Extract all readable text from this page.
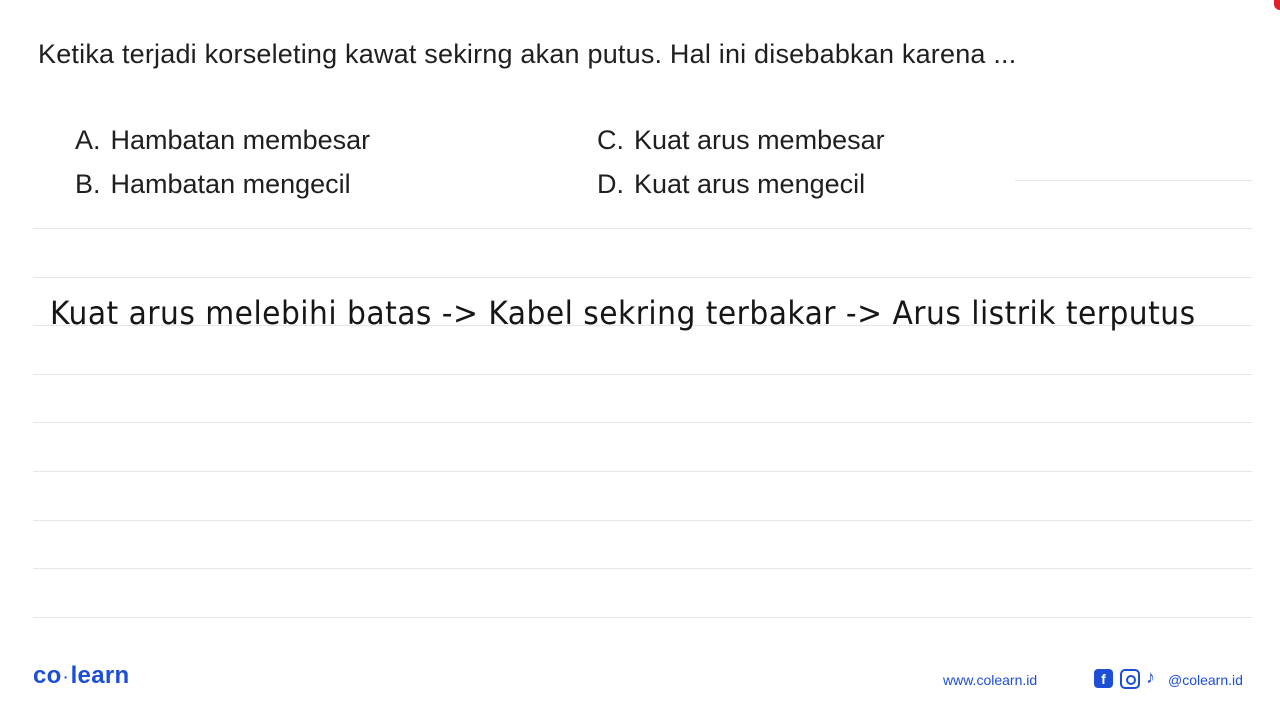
Ketika terjadi korseleting kawat sekirng akan putus. Hal ini disebabkan karena ...
A. Hambatan membesar
B. Hambatan mengecil
C. Kuat arus membesar
D. Kuat arus mengecil
Kuat arus melebihi batas -> Kabel sekring terbakar -> Arus listrik terputus
co ·learn	www.colearn.id	f	♪ @colearn.id
